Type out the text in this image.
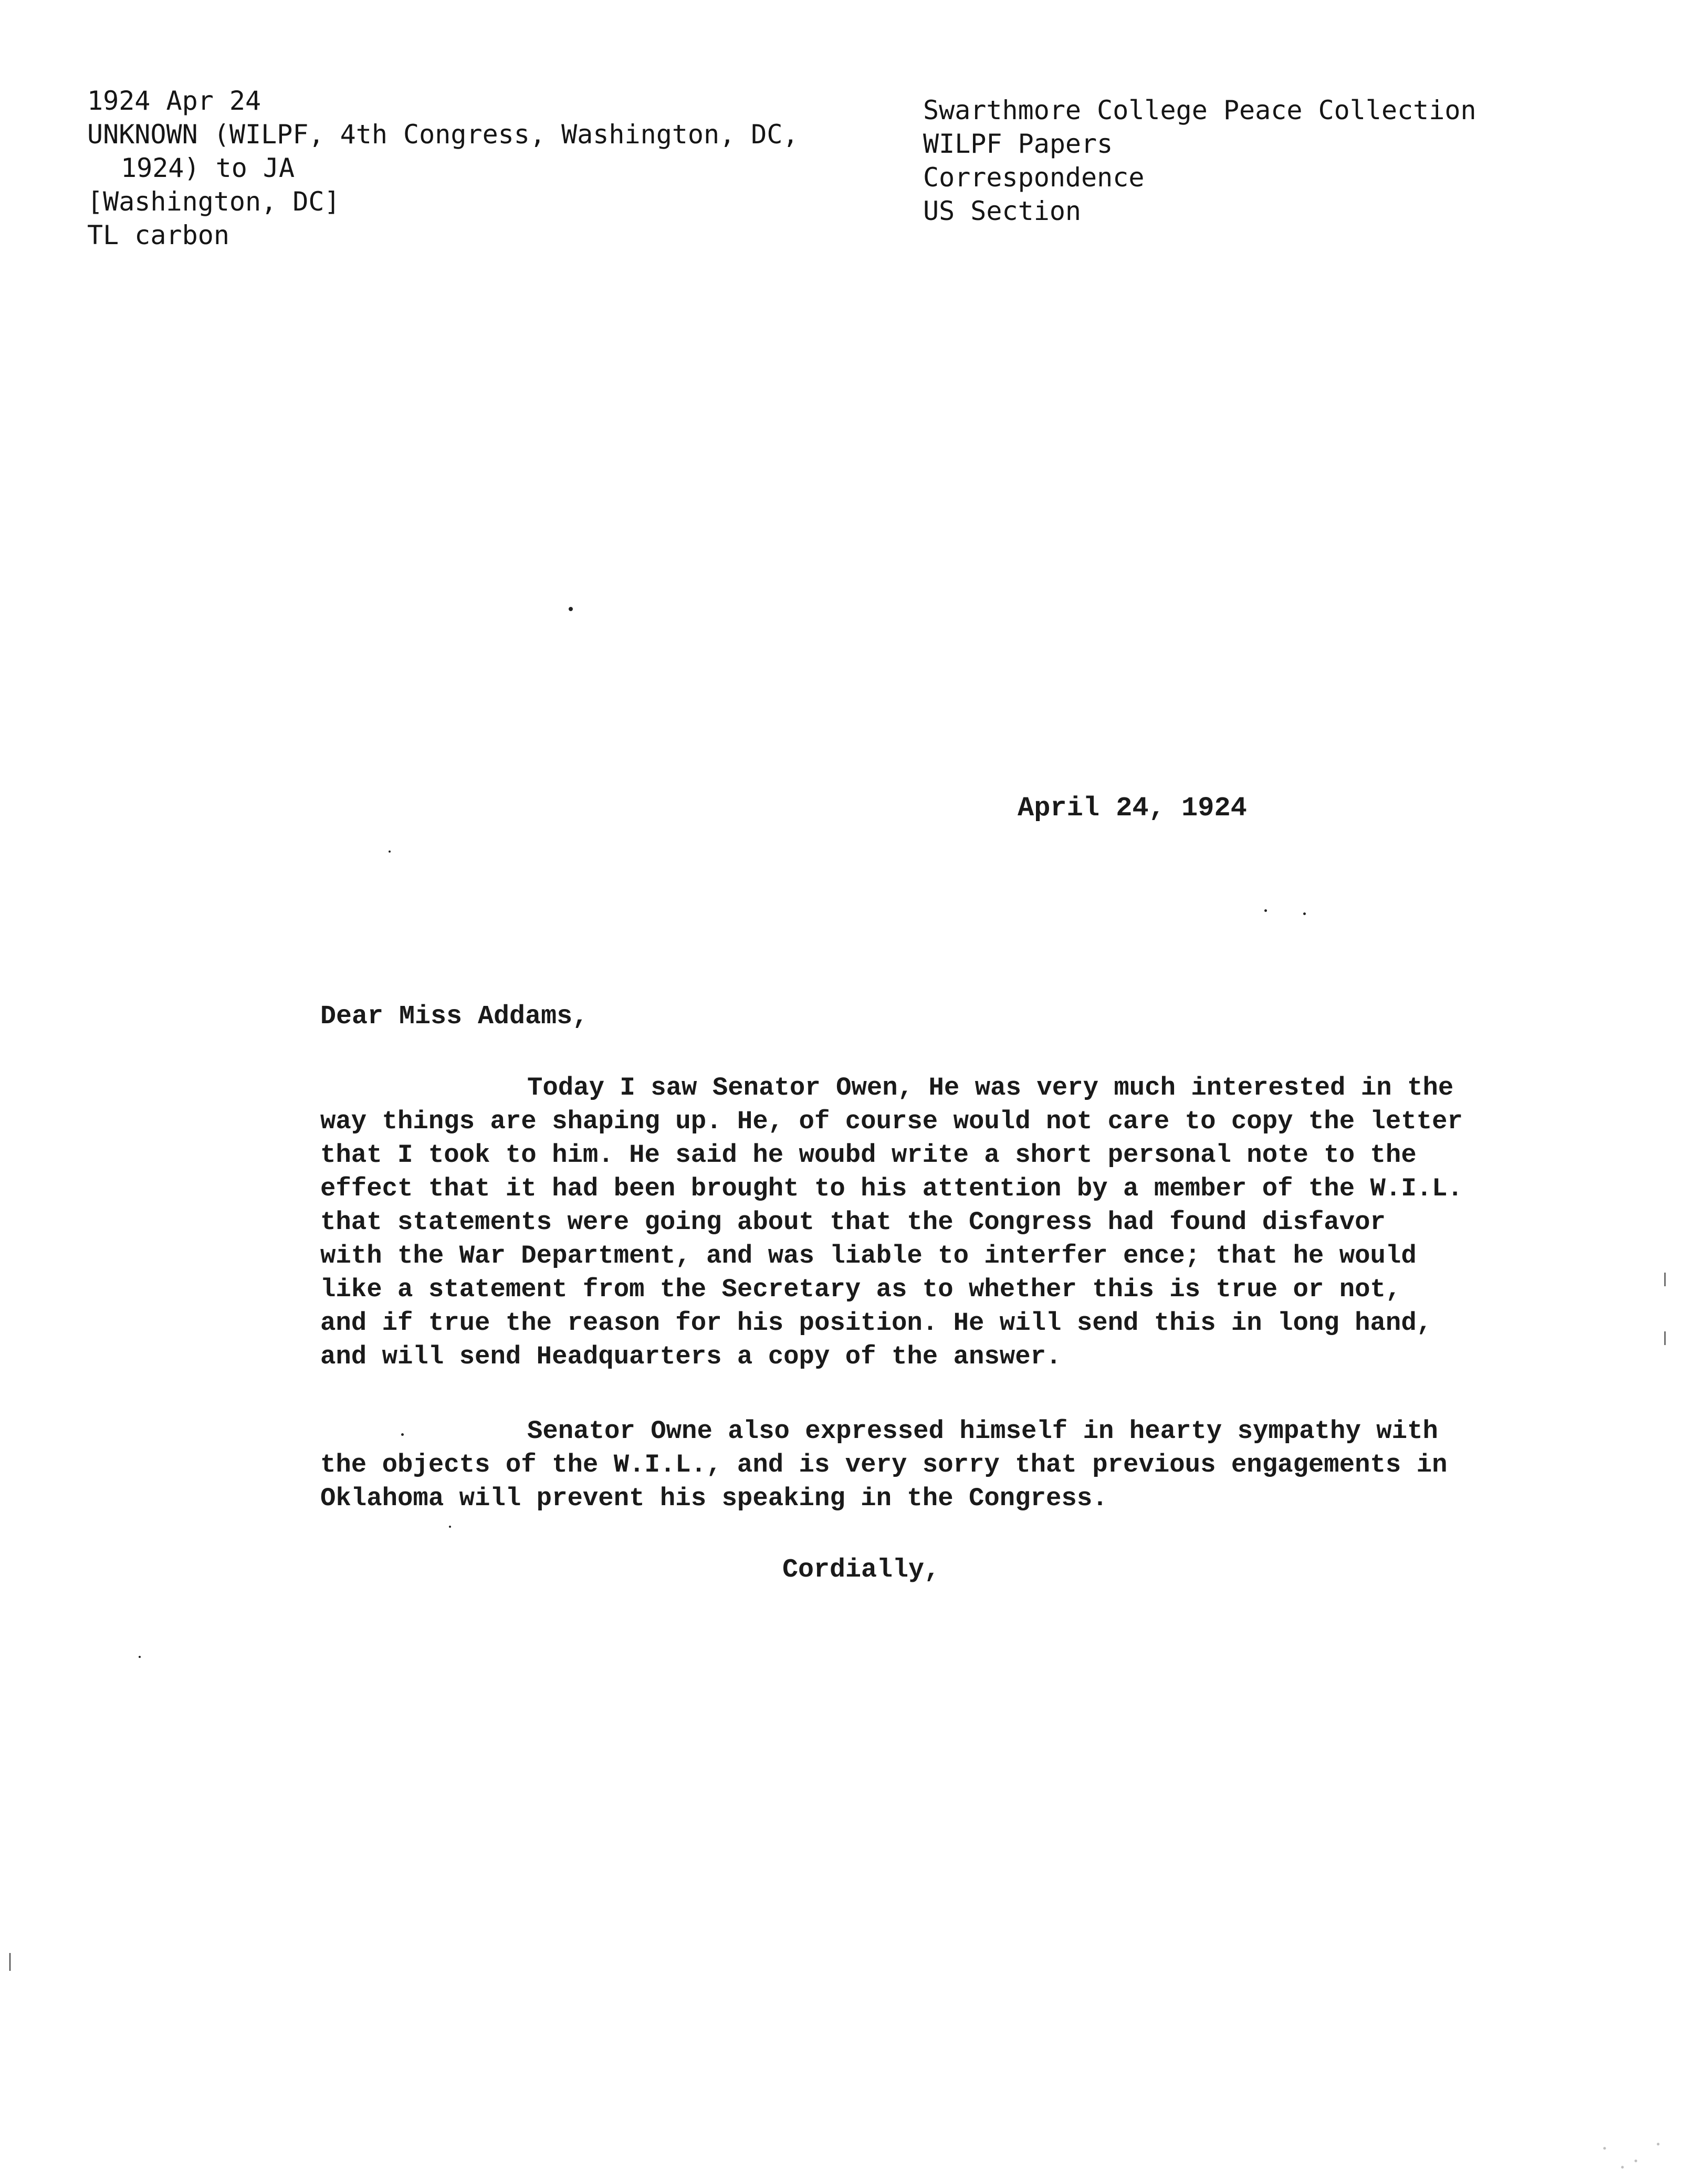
1924 Apr 24
UNKNOWN (WILPF, 4th Congress, Washington, DC,
1924) to JA
[Washington, DC]
TL carbon
Swarthmore College Peace Collection
WILPF Papers
Correspondence
US Section
April 24, 1924
Dear Miss Addams,
Today I saw Senator Owen, He was very much interested in the
way things are shaping up. He, of course would not care to copy the letter
that I took to him. He said he woubd write a short personal note to the
effect that it had been brought to his attention by a member of the W.I.L.
that statements were going about that the Congress had found disfavor
with the War Department, and was liable to interfer ence; that he would
like a statement from the Secretary as to whether this is true or not,
and if true the reason for his position. He will send this in long hand,
and will send Headquarters a copy of the answer.
Senator Owne also expressed himself in hearty sympathy with
the objects of the W.I.L., and is very sorry that previous engagements in
Oklahoma will prevent his speaking in the Congress.
Cordially,
